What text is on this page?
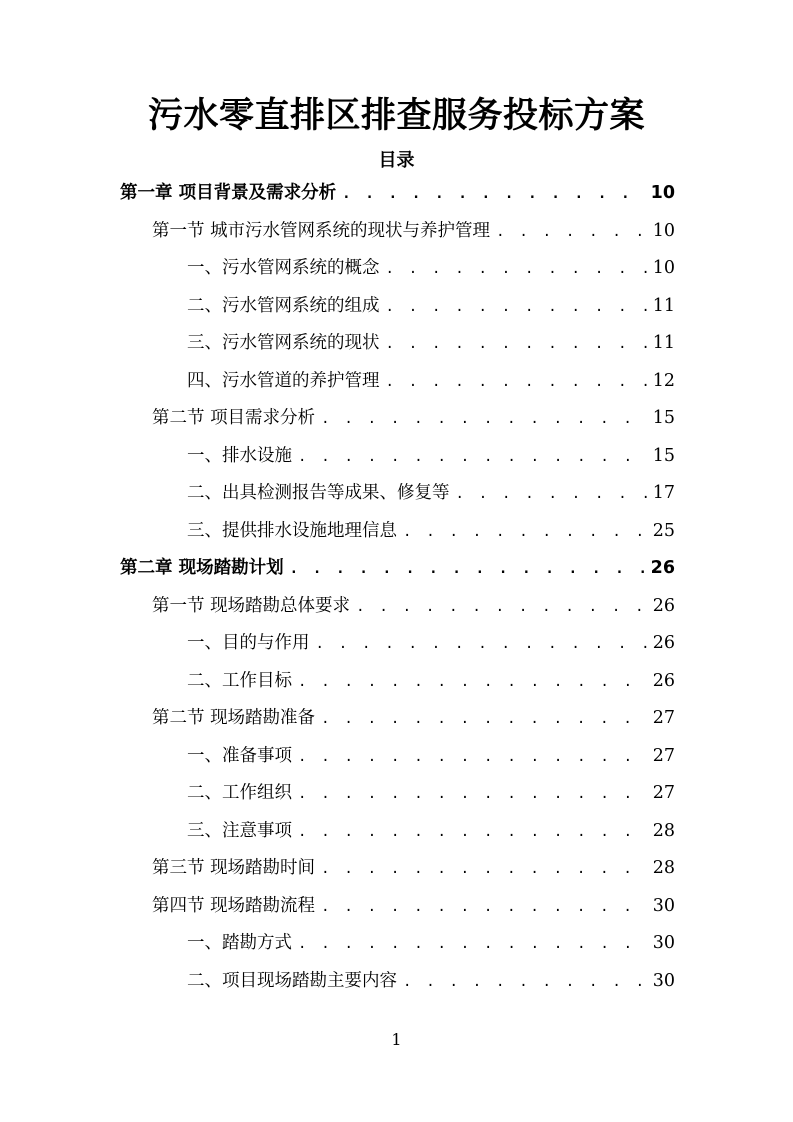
污水零直排区排查服务投标方案
目录
第一章 项目背景及需求分析 . . .	10
第一节 城市污水管网系统的现状与养护管理 . . .	10
一、污水管网系统的概念 . . .	10
二、污水管网系统的组成 . . .	11
三、污水管网系统的现状 . . .	11
四、污水管道的养护管理 . . .	12
第二节 项目需求分析 . . .	15
一、排水设施 . . .	15
二、出具检测报告等成果、修复等 . . .	17
三、提供排水设施地理信息 . . .	25
第二章 现场踏勘计划 . . .	26
第一节 现场踏勘总体要求 . . .	26
一、目的与作用 . . .	26
二、工作目标 . . .	26
第二节 现场踏勘准备 . . .	27
一、准备事项 . . .	27
二、工作组织 . . .	27
三、注意事项 . . .	28
第三节 现场踏勘时间 . . .	28
第四节 现场踏勘流程 . . .	30
一、踏勘方式 . . .	30
二、项目现场踏勘主要内容 . . .	30
1
